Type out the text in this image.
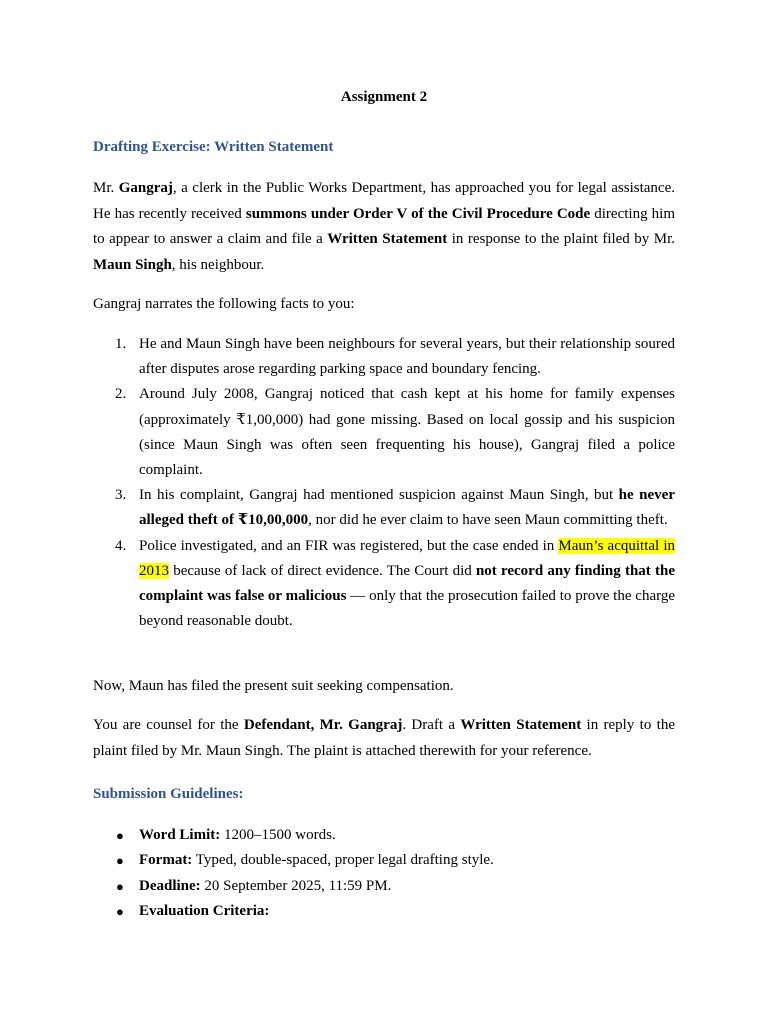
Assignment 2
Drafting Exercise: Written Statement

Mr. Gangraj, a clerk in the Public Works Department, has approached you for legal assistance. He has recently received summons under Order V of the Civil Procedure Code directing him to appear to answer a claim and file a Written Statement in response to the plaint filed by Mr. Maun Singh, his neighbour.

Gangraj narrates the following facts to you:

1. He and Maun Singh have been neighbours for several years, but their relationship soured after disputes arose regarding parking space and boundary fencing.
2. Around July 2008, Gangraj noticed that cash kept at his home for family expenses (approximately ₹1,00,000) had gone missing. Based on local gossip and his suspicion (since Maun Singh was often seen frequenting his house), Gangraj filed a police complaint.
3. In his complaint, Gangraj had mentioned suspicion against Maun Singh, but he never alleged theft of ₹10,00,000, nor did he ever claim to have seen Maun committing theft.
4. Police investigated, and an FIR was registered, but the case ended in Maun’s acquittal in 2013 because of lack of direct evidence. The Court did not record any finding that the complaint was false or malicious — only that the prosecution failed to prove the charge beyond reasonable doubt.

Now, Maun has filed the present suit seeking compensation.

You are counsel for the Defendant, Mr. Gangraj. Draft a Written Statement in reply to the plaint filed by Mr. Maun Singh. The plaint is attached therewith for your reference.

Submission Guidelines:
● Word Limit: 1200–1500 words.
● Format: Typed, double-spaced, proper legal drafting style.
● Deadline: 20 September 2025, 11:59 PM.
● Evaluation Criteria:
